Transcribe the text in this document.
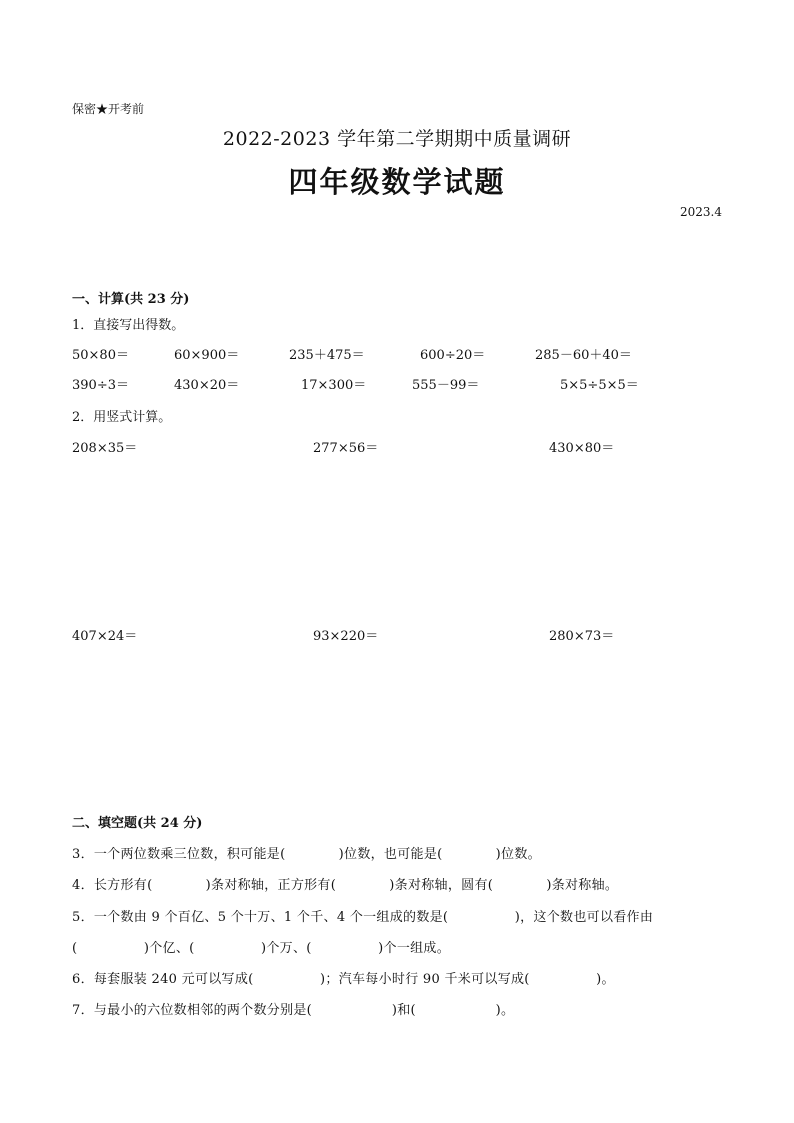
保密★开考前
2022-2023 学年第二学期期中质量调研
四年级数学试题
2023.4
一、计算(共 23 分)
1．直接写出得数。
50×80＝	60×900＝	235＋475＝	600÷20＝	285－60＋40＝
390÷3＝	430×20＝	17×300＝	555－99＝	5×5÷5×5＝
2．用竖式计算。
208×35＝	277×56＝	430×80＝
407×24＝	93×220＝	280×73＝
二、填空题(共 24 分)
3．一个两位数乘三位数，积可能是(　　　　)位数，也可能是(　　　　)位数。
4．长方形有(　　　　)条对称轴，正方形有(　　　　)条对称轴，圆有(　　　　)条对称轴。
5．一个数由 9 个百亿、5 个十万、1 个千、4 个一组成的数是(　　　　　)，这个数也可以看作由
(　　　　　)个亿、(　　　　　)个万、(　　　　　)个一组成。
6．每套服装 240 元可以写成(　　　　　)；汽车每小时行 90 千米可以写成(　　　　　)。
7．与最小的六位数相邻的两个数分别是(　　　　　　)和(　　　　　　)。
